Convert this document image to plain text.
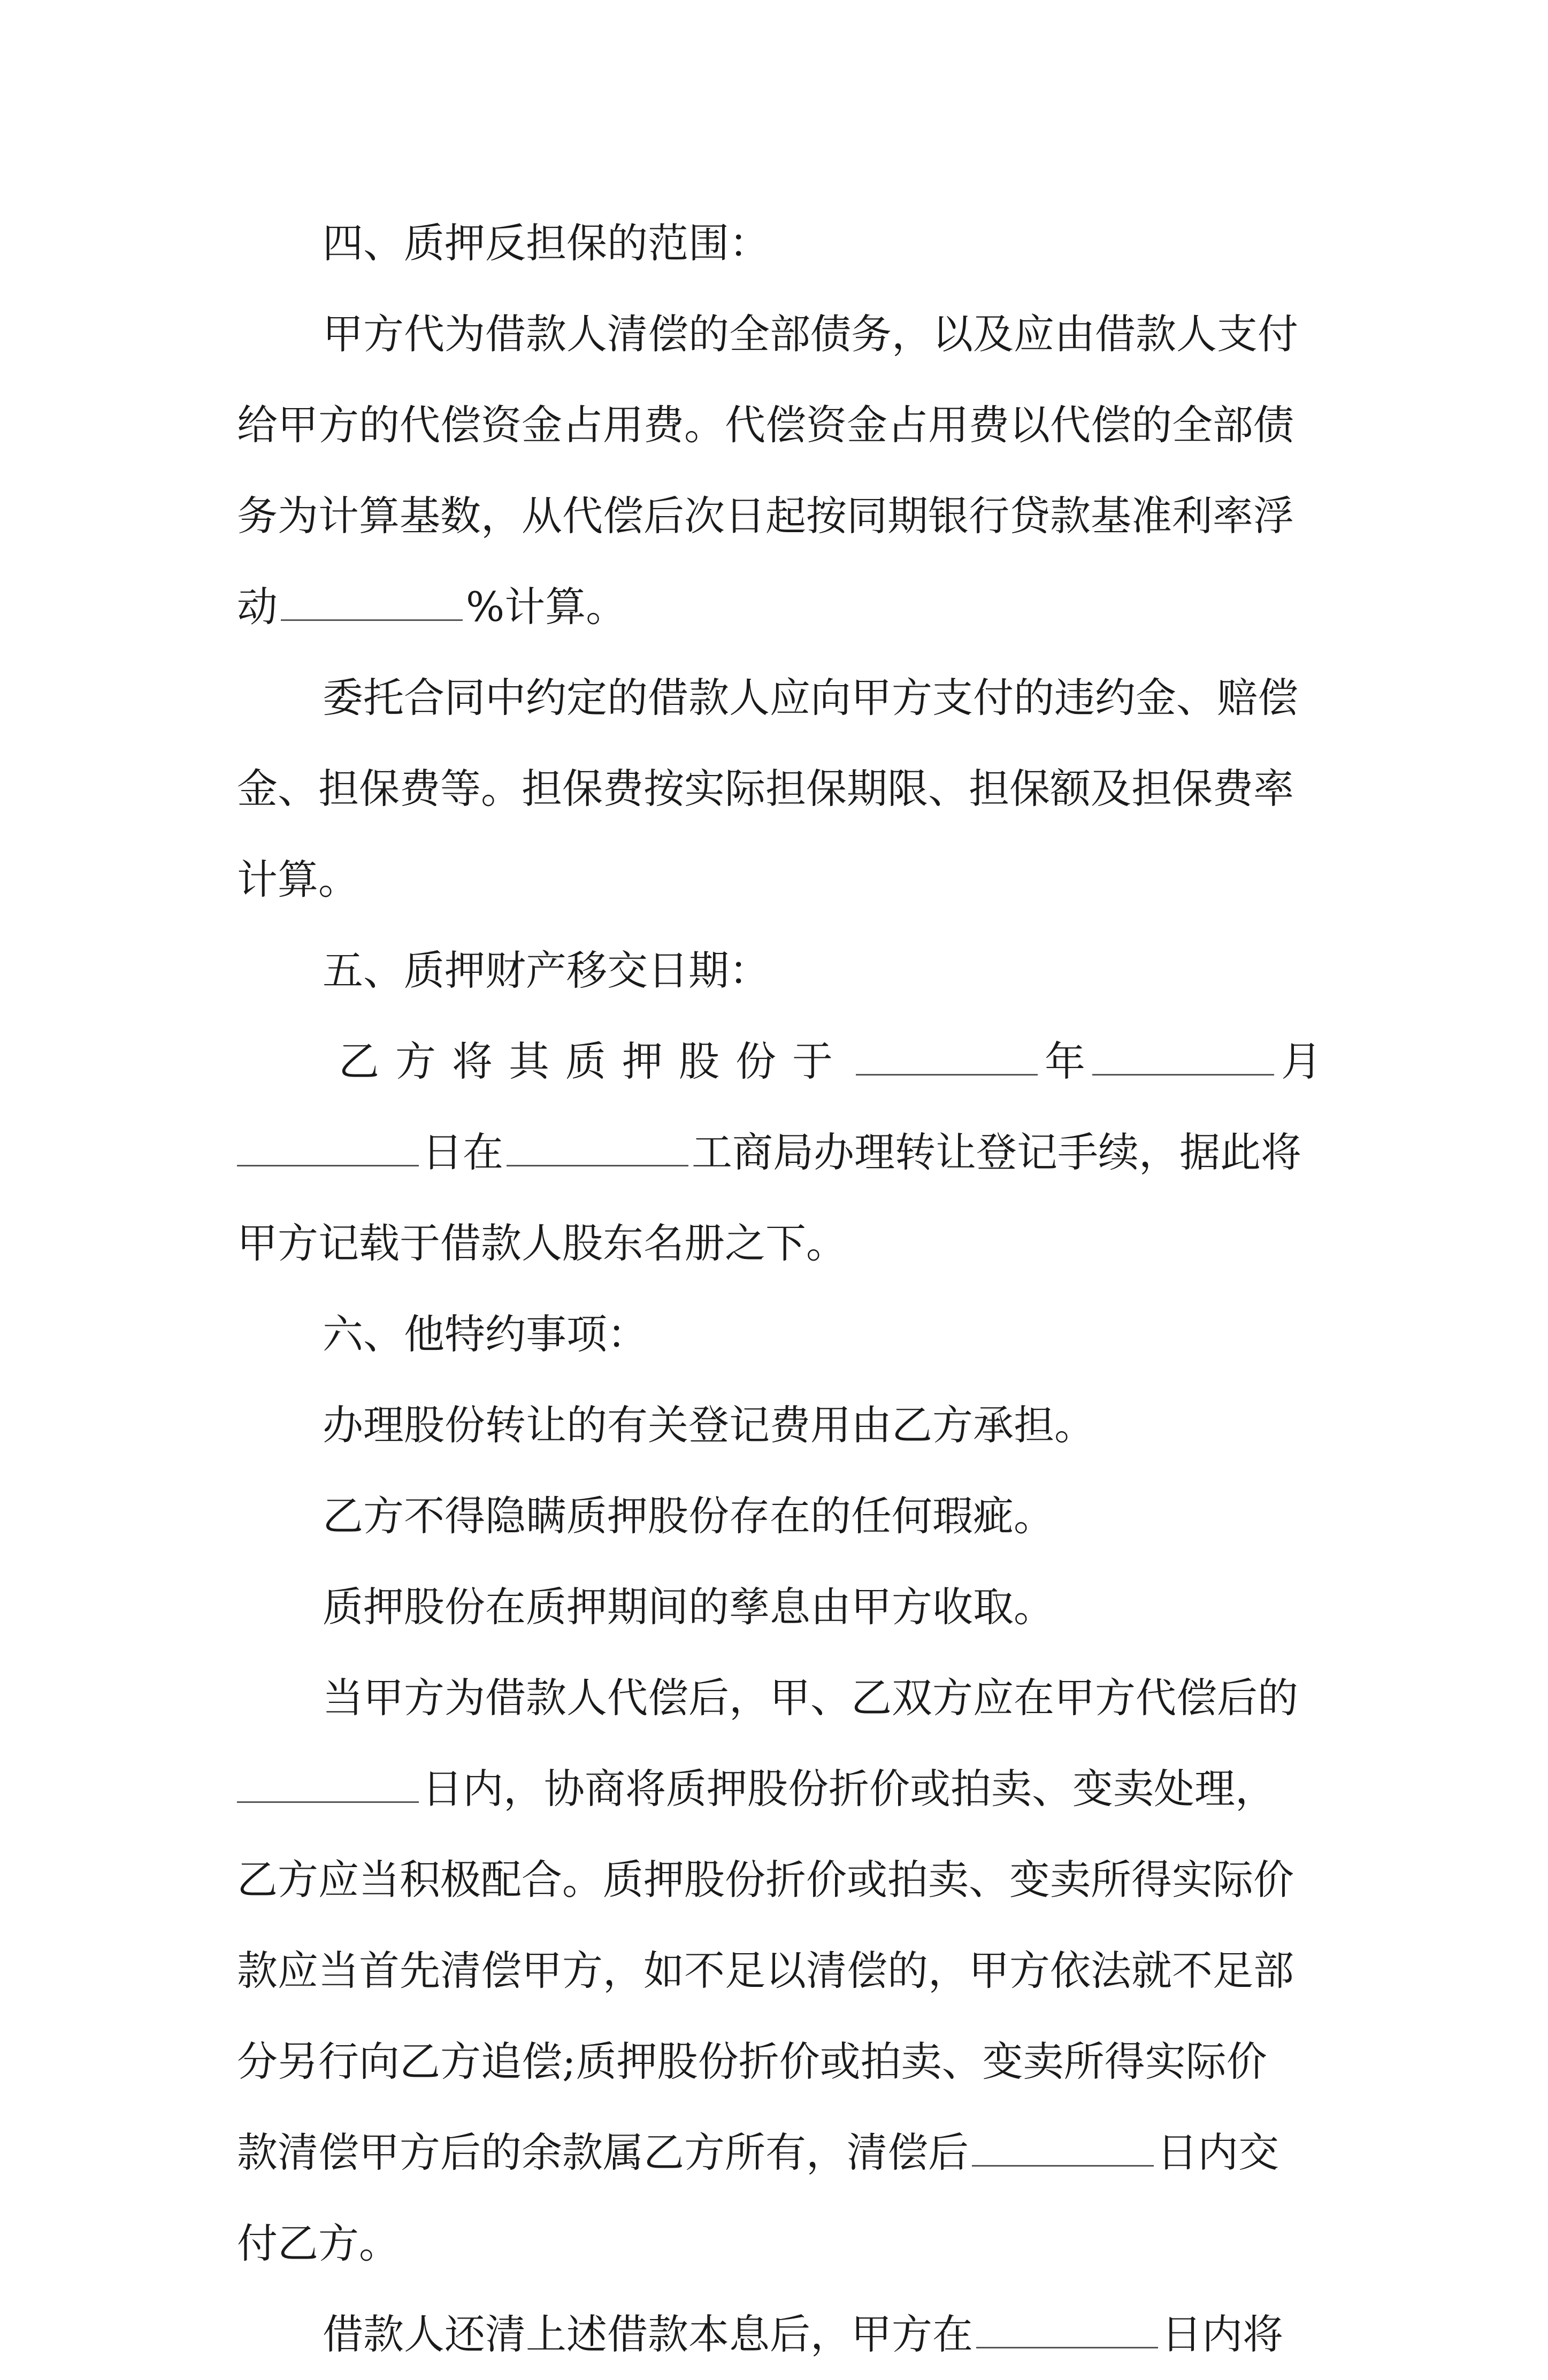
四、质押反担保的范围：
甲方代为借款人清偿的全部债务，以及应由借款人支付
给甲方的代偿资金占用费。代偿资金占用费以代偿的全部债
务为计算基数，从代偿后次日起按同期银行贷款基准利率浮
动	%计算。
委托合同中约定的借款人应向甲方支付的违约金、赔偿
金、担保费等。担保费按实际担保期限、担保额及担保费率
计算。
五、质押财产移交日期：
乙方将其质押股份于	年	月
日在	工商局办理转让登记手续，据此将
甲方记载于借款人股东名册之下。
六、他特约事项：
办理股份转让的有关登记费用由乙方承担。
乙方不得隐瞒质押股份存在的任何瑕疵。
质押股份在质押期间的孳息由甲方收取。
当甲方为借款人代偿后，甲、乙双方应在甲方代偿后的
日内，协商将质押股份折价或拍卖、变卖处理，
乙方应当积极配合。质押股份折价或拍卖、变卖所得实际价
款应当首先清偿甲方，如不足以清偿的，甲方依法就不足部
分另行向乙方追偿;质押股份折价或拍卖、变卖所得实际价
款清偿甲方后的余款属乙方所有，清偿后	日内交
付乙方。
借款人还清上述借款本息后，甲方在	日内将
